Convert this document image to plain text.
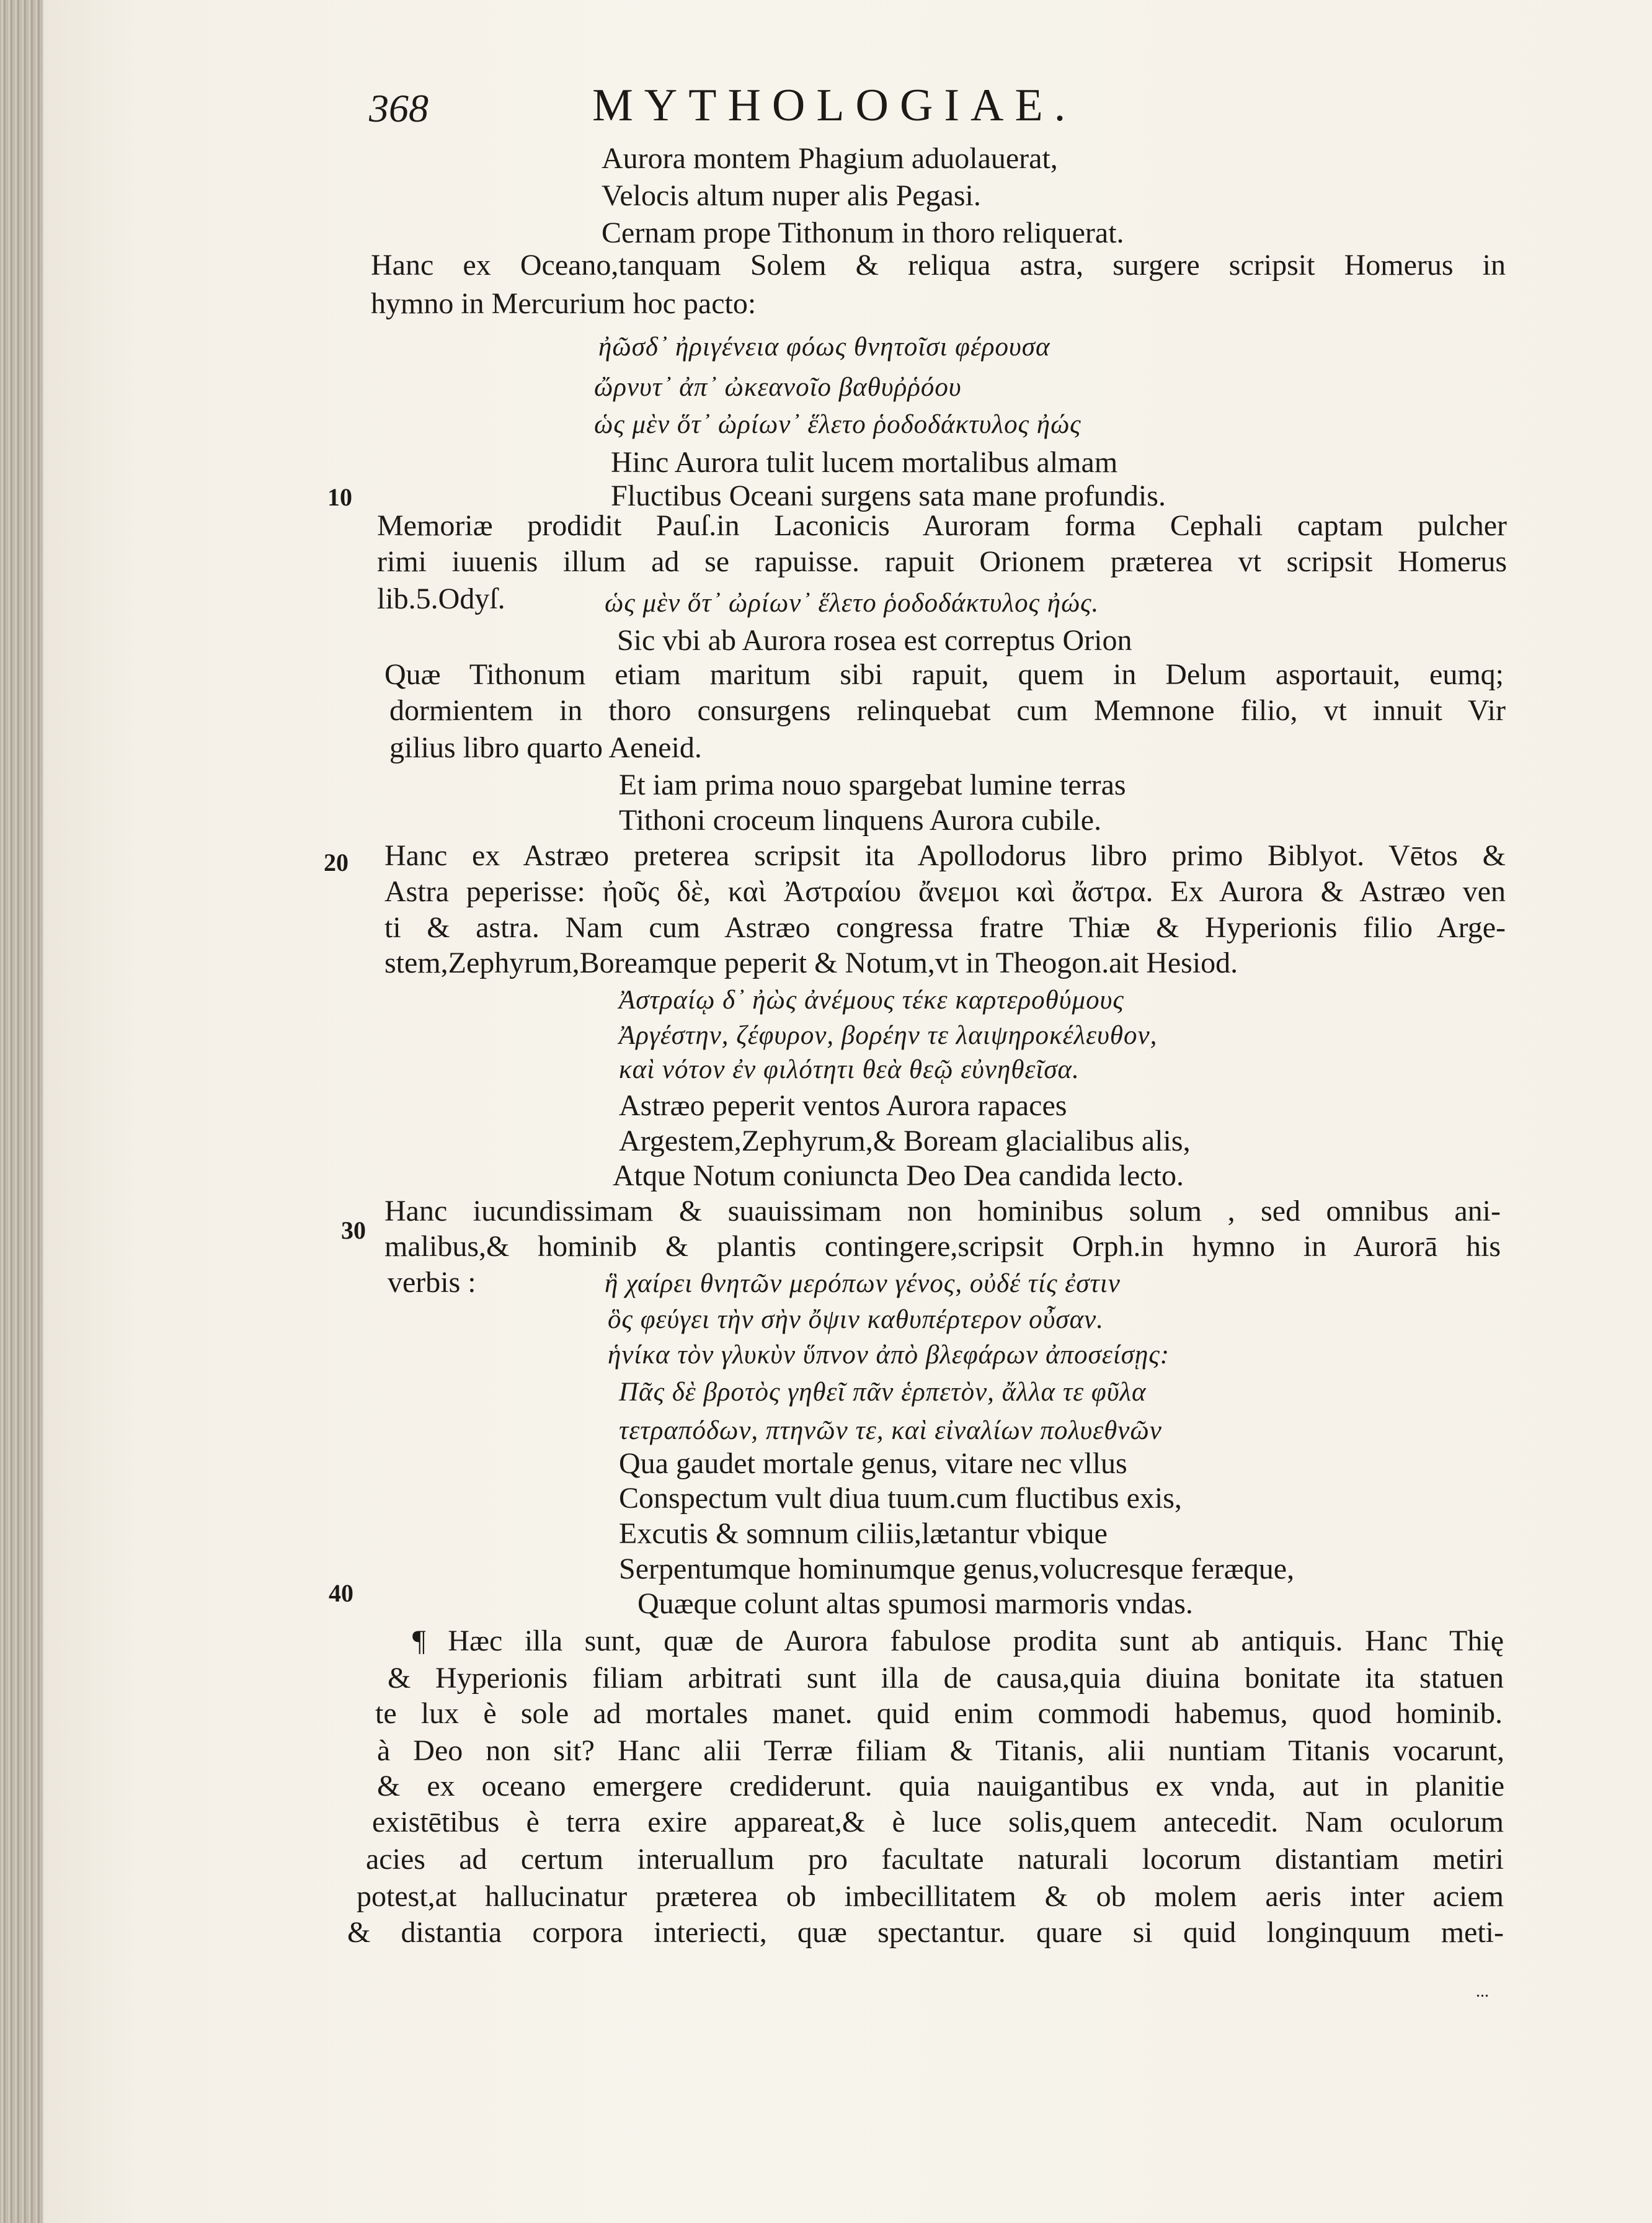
368	MYTHOLOGIAE.
10
20
30
40
Aurora montem Phagium aduolauerat,
Velocis altum nuper alis Pegasi.
Cernam prope Tithonum in thoro reliquerat.
Hanc ex Oceano,tanquam Solem & reliqua astra, surgere scripsit Homerus in
hymno in Mercurium hoc pacto:
ἠῶσδ᾽ ἠριγένεια φόως θνητοῖσι φέρουσα
ὤρνυτ᾽ ἀπ᾽ ὠκεανοῖο βαθυῤῥόου
ὡς μὲν ὅτ᾽ ὠρίων᾽ ἕλετο ῥοδοδάκτυλος ἠώς
Hinc Aurora tulit lucem mortalibus almam
Fluctibus Oceani surgens sata mane profundis.
Memoriæ prodidit Pauſ.in Laconicis Auroram forma Cephali captam pulcher
rimi iuuenis illum ad se rapuisse. rapuit Orionem præterea vt scripsit Homerus
lib.5.Odyſ.	ὡς μὲν ὅτ᾽ ὠρίων᾽ ἕλετο ῥοδοδάκτυλος ἠώς.
Sic vbi ab Aurora rosea est correptus Orion
Quæ Tithonum etiam maritum sibi rapuit, quem in Delum asportauit, eumq;
dormientem in thoro consurgens relinquebat cum Memnone filio, vt innuit Vir
gilius libro quarto Aeneid.
Et iam prima nouo spargebat lumine terras
Tithoni croceum linquens Aurora cubile.
Hanc ex Astræo preterea scripsit ita Apollodorus libro primo Biblyot. Vētos &
Astra peperisse: ἠοῦς δὲ, καὶ Ἀστραίου ἄνεμοι καὶ ἄστρα. Ex Aurora & Astræo ven
ti & astra. Nam cum Astræo congressa fratre Thiæ & Hyperionis filio Arge-
stem,Zephyrum,Boreamque peperit & Notum,vt in Theogon.ait Hesiod.
Ἀστραίῳ δ᾽ ἠὼς ἀνέμους τέκε καρτεροθύμους
Ἀργέστην, ζέφυρον, βορέην τε λαιψηροκέλευθον,
καὶ νότον ἐν φιλότητι θεὰ θεῷ εὐνηθεῖσα.
Astræo peperit ventos Aurora rapaces
Argestem,Zephyrum,& Boream glacialibus alis,
Atque Notum coniuncta Deo Dea candida lecto.
Hanc iucundissimam & suauissimam non hominibus solum , sed omnibus ani-
malibus,& hominib & plantis contingere,scripsit Orph.in hymno in Aurorā his
verbis :	ἣ χαίρει θνητῶν μερόπων γένος, οὐδέ τίς ἐστιν
ὃς φεύγει τὴν σὴν ὄψιν καθυπέρτερον οὖσαν.
ἡνίκα τὸν γλυκὺν ὕπνον ἀπὸ βλεφάρων ἀποσείσῃς:
Πᾶς δὲ βροτὸς γηθεῖ πᾶν ἑρπετὸν, ἄλλα τε φῦλα
τετραπόδων, πτηνῶν τε, καὶ εἰναλίων πολυεθνῶν
Qua gaudet mortale genus, vitare nec vllus
Conspectum vult diua tuum.cum fluctibus exis,
Excutis & somnum ciliis,lætantur vbique
Serpentumque hominumque genus,volucresque feræque,
Quæque colunt altas spumosi marmoris vndas.
¶ Hæc illa sunt, quæ de Aurora fabulose prodita sunt ab antiquis. Hanc Thię
& Hyperionis filiam arbitrati sunt illa de causa,quia diuina bonitate ita statuen
te lux è sole ad mortales manet. quid enim commodi habemus, quod hominib.
à Deo non sit? Hanc alii Terræ filiam & Titanis, alii nuntiam Titanis vocarunt,
& ex oceano emergere crediderunt. quia nauigantibus ex vnda, aut in planitie
existētibus è terra exire appareat,& è luce solis,quem antecedit. Nam oculorum
acies ad certum interuallum pro facultate naturali locorum distantiam metiri
potest,at hallucinatur præterea ob imbecillitatem & ob molem aeris inter aciem
& distantia corpora interiecti, quæ spectantur. quare si quid longinquum meti-
...
